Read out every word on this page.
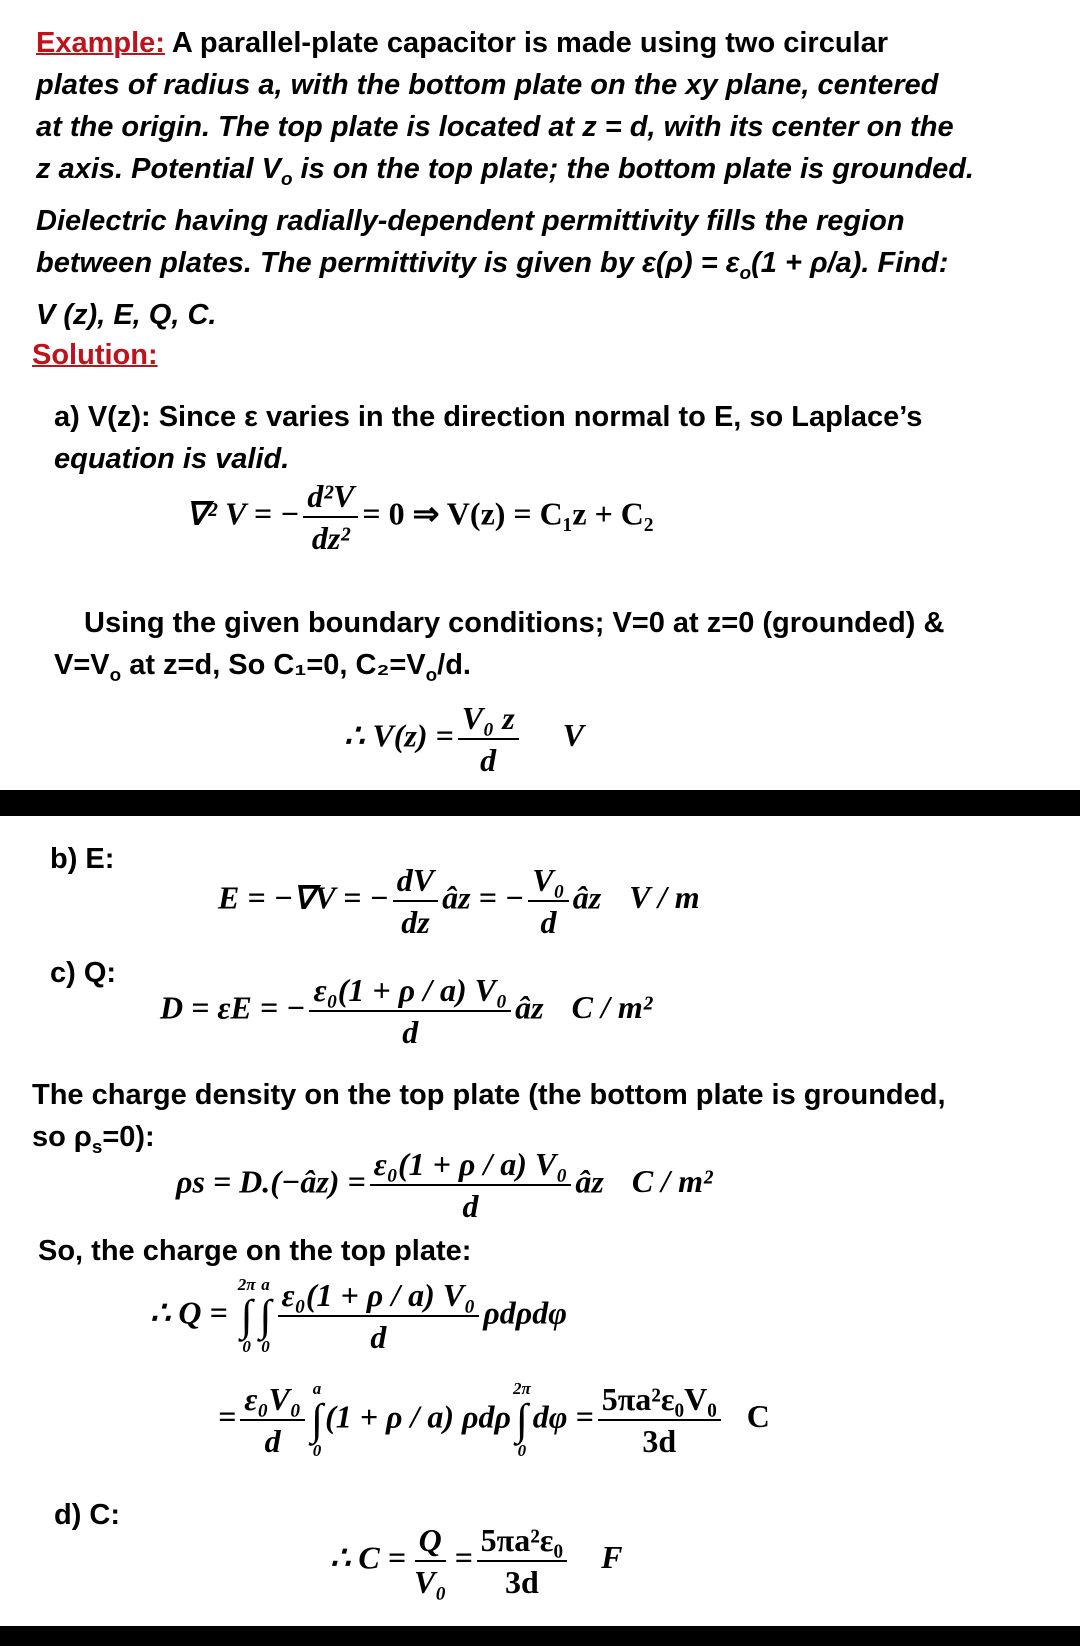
Example: A parallel-plate capacitor is made using two circular
plates of radius a, with the bottom plate on the xy plane, centered
at the origin. The top plate is located at z = d, with its center on the
z axis. Potential $V_o$ is on the top plate; the bottom plate is grounded.
Dielectric having radially-dependent permittivity fills the region
between plates. The permittivity is given by $\varepsilon(\rho) = \varepsilon_o(1 + \rho/a)$. Find:
V (z), E, Q, C.
Solution:
a) V(z): Since ε varies in the direction normal to E, so Laplace’s
equation is valid.
∇² V = − $\frac{\text{d²V}}{\text{dz²}} = 0$ ⇒ V(z) = C₁z + C₂
Using the given boundary conditions; V=0 at z=0 (grounded) &
$V=V_o$ at z=d, So C₁=0, $C_2=V_o/d$.
∴ $V(z) = \frac{\text{V₀ z}}{d}$ V
b) E:
E = −∇V = − $\frac{dV}{dz}$ âz = − $\frac{\text{V₀}}{d}$ âz V / m
c) Q:
D = εE = − $\frac{\text{ε₀(1 + ρ / a) V₀}}{d}$ âz C / m²
The charge density on the top plate (the bottom plate is grounded,
so $\rho_s=0$):
ρs = D.(−âz) = $\frac{\text{ε₀(1 + ρ / a) V₀}}{d}$ âz C / m²
So, the charge on the top plate:
∴ Q =
2π
∫
0
a
∫
$0 \frac{\text{ε₀(1 + ρ / a) V₀}}{d}$ ρdρdφ
= $\frac{\text{ε₀V₀}}{d}$ a
∫
0
(1 + ρ / a) ρdρ
2π
∫
0
$d\varphi = \frac{\text{5πa²ε₀V₀}}{3d}$ C
d) C:
∴ $C = \frac{Q}{\text{V₀}} = \frac{\text{5πa²ε₀}}{3d}$ F
